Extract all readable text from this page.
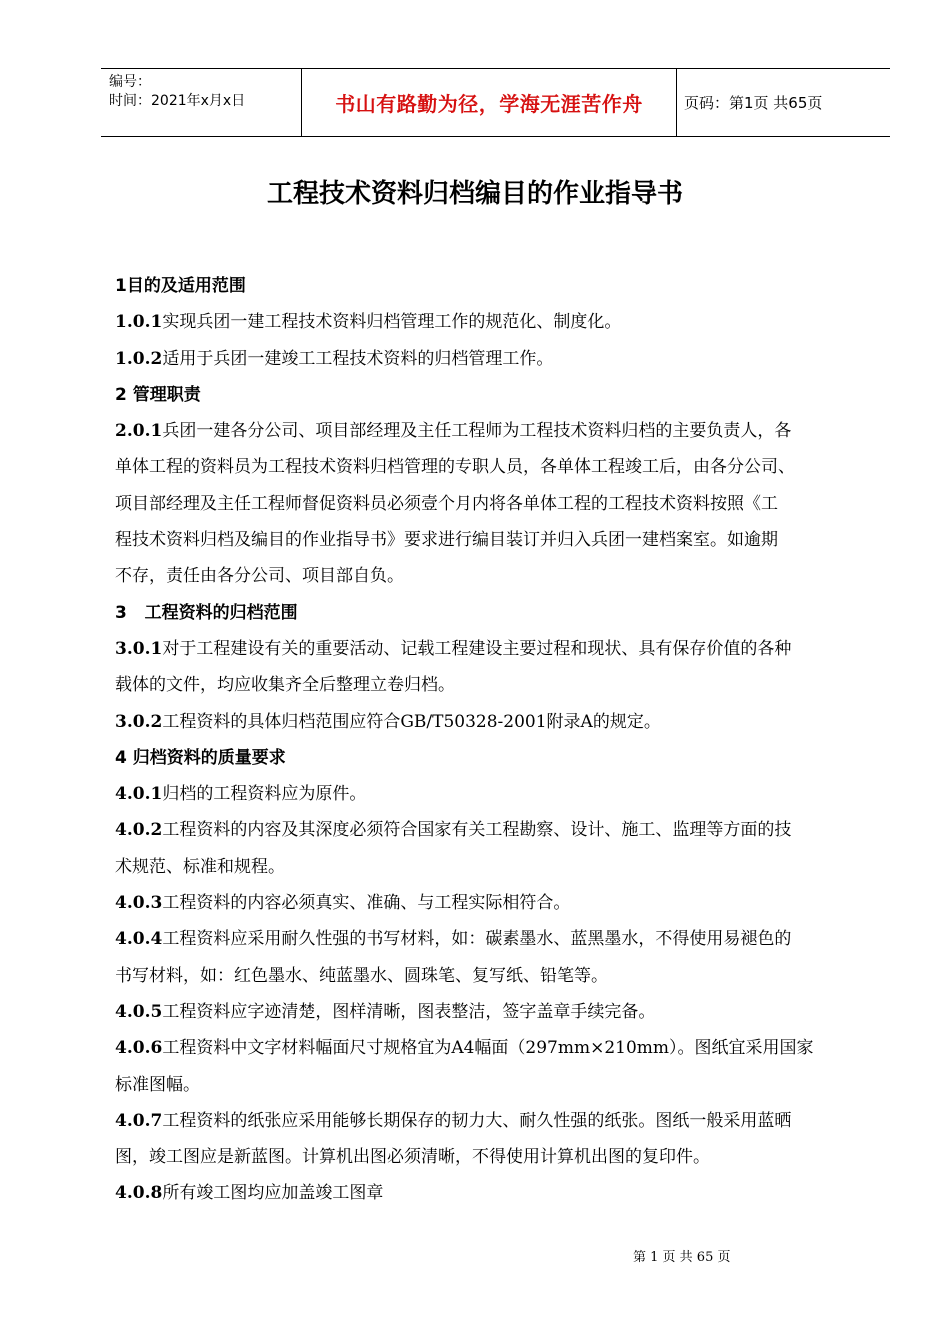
编号：
时间：2021年x月x日	书山有路勤为径，学海无涯苦作舟	页码：第1页 共65页
工程技术资料归档编目的作业指导书
1目的及适用范围
1.0.1实现兵团一建工程技术资料归档管理工作的规范化、制度化。
1.0.2适用于兵团一建竣工工程技术资料的归档管理工作。
2 管理职责
2.0.1兵团一建各分公司、项目部经理及主任工程师为工程技术资料归档的主要负责人，各
单体工程的资料员为工程技术资料归档管理的专职人员，各单体工程竣工后，由各分公司、
项目部经理及主任工程师督促资料员必须壹个月内将各单体工程的工程技术资料按照《工
程技术资料归档及编目的作业指导书》要求进行编目装订并归入兵团一建档案室。如逾期
不存，责任由各分公司、项目部自负。
3   工程资料的归档范围
3.0.1对于工程建设有关的重要活动、记载工程建设主要过程和现状、具有保存价值的各种
载体的文件，均应收集齐全后整理立卷归档。
3.0.2工程资料的具体归档范围应符合GB/T50328-2001附录A的规定。
4 归档资料的质量要求
4.0.1归档的工程资料应为原件。
4.0.2工程资料的内容及其深度必须符合国家有关工程勘察、设计、施工、监理等方面的技
术规范、标准和规程。
4.0.3工程资料的内容必须真实、准确、与工程实际相符合。
4.0.4工程资料应采用耐久性强的书写材料，如：碳素墨水、蓝黑墨水，不得使用易褪色的
书写材料，如：红色墨水、纯蓝墨水、圆珠笔、复写纸、铅笔等。
4.0.5工程资料应字迹清楚，图样清晰，图表整洁，签字盖章手续完备。
4.0.6工程资料中文字材料幅面尺寸规格宜为A4幅面（297mm×210mm）。图纸宜采用国家
标准图幅。
4.0.7工程资料的纸张应采用能够长期保存的韧力大、耐久性强的纸张。图纸一般采用蓝晒
图，竣工图应是新蓝图。计算机出图必须清晰，不得使用计算机出图的复印件。
4.0.8所有竣工图均应加盖竣工图章
第 1 页 共 65 页
